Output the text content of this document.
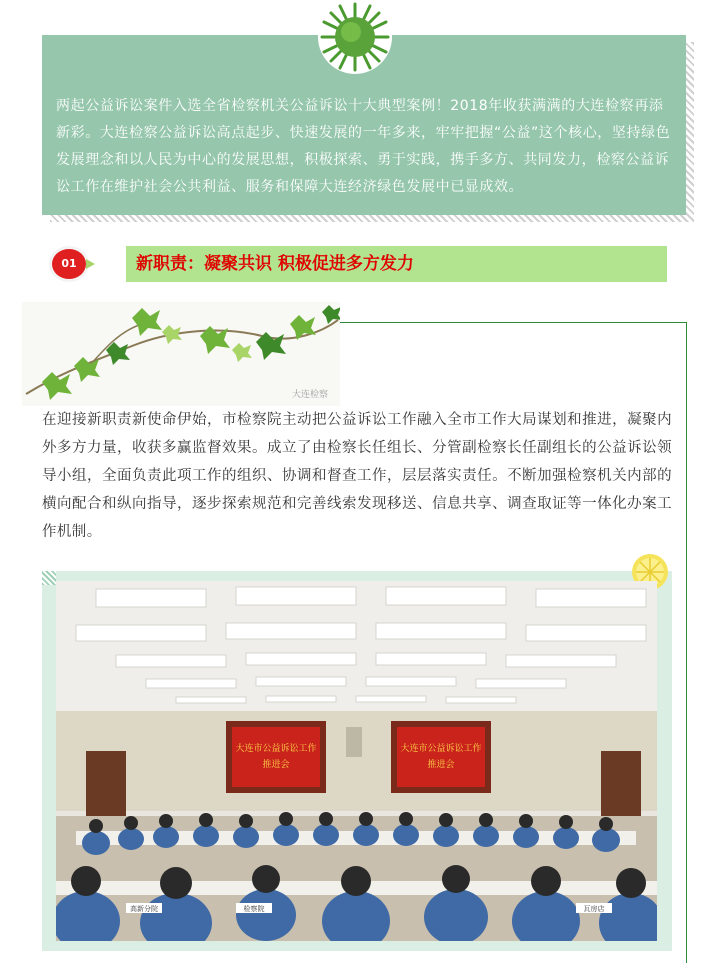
两起公益诉讼案件入选全省检察机关公益诉讼十大典型案例！2018年收获满满的大连检察再添新彩。大连检察公益诉讼高点起步、快速发展的一年多来，牢牢把握“公益”这个核心，坚持绿色发展理念和以人民为中心的发展思想，积极探索、勇于实践，携手多方、共同发力，检察公益诉讼工作在维护社会公共利益、服务和保障大连经济绿色发展中已显成效。
01	新职责：凝聚共识 积极促进多方发力
大连检察
在迎接新职责新使命伊始，市检察院主动把公益诉讼工作融入全市工作大局谋划和推进，凝聚内外多方力量，收获多赢监督效果。成立了由检察长任组长、分管副检察长任副组长的公益诉讼领导小组，全面负责此项工作的组织、协调和督查工作，层层落实责任。不断加强检察机关内部的横向配合和纵向指导，逐步探索规范和完善线索发现移送、信息共享、调查取证等一体化办案工作机制。
大连市公益诉讼工作
推进会
大连市公益诉讼工作
推进会
高新分院	检察院	瓦房店
